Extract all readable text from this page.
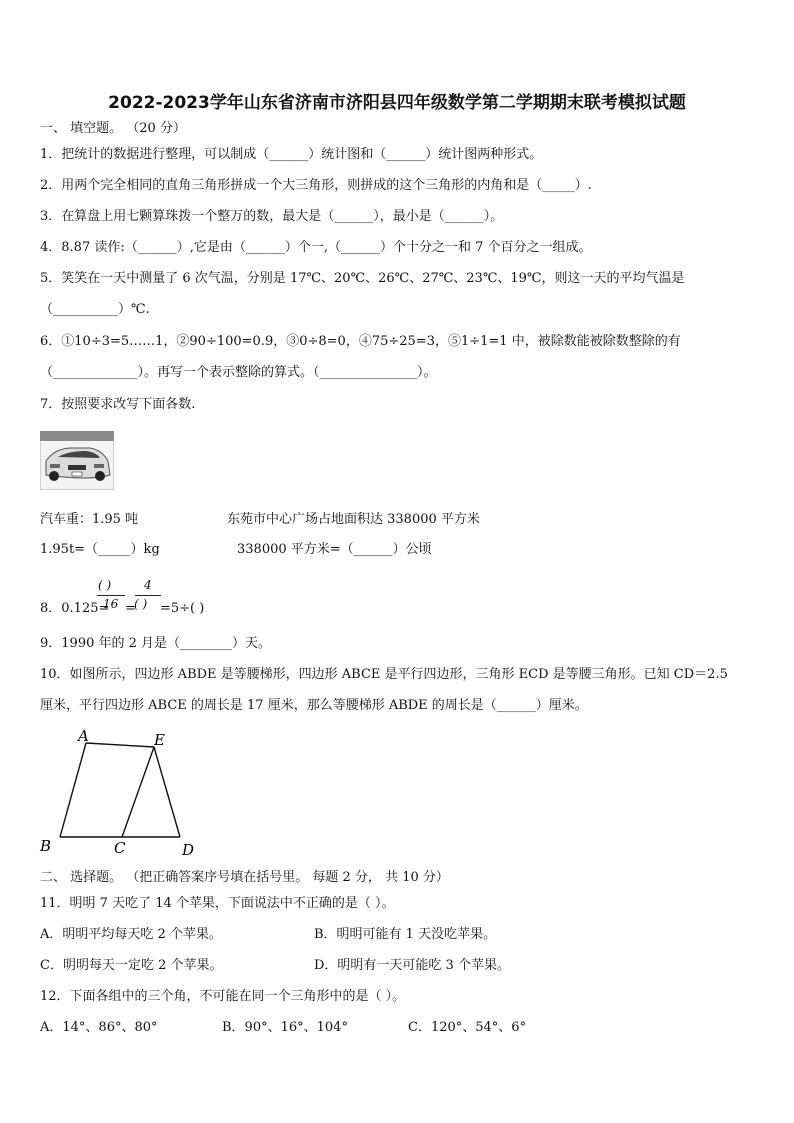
2022-2023学年山东省济南市济阳县四年级数学第二学期期末联考模拟试题
一、 填空题。 （20 分）
1．把统计的数据进行整理，可以制成（______）统计图和（______）统计图两种形式。
2．用两个完全相同的直角三角形拼成一个大三角形，则拼成的这个三角形的内角和是（_____）.
3．在算盘上用七颗算珠拨一个整万的数，最大是（______），最小是（______）。
4．8.87 读作:（______）,它是由（______）个一,（______）个十分之一和 7 个百分之一组成。
5．笑笑在一天中测量了 6 次气温，分别是 17℃、20℃、26℃、27℃、23℃、19℃，则这一天的平均气温是
（__________）℃.
6．①10÷3=5……1，②90÷100=0.9，③0÷8=0，④75÷25=3，⑤1÷1=1 中，被除数能被除数整除的有
（_____________）。再写一个表示整除的算式。（_______________）。
7．按照要求改写下面各数.
汽车重：1.95 吨	东苑市中心广场占地面积达 338000 平方米
1.95t=（_____）kg	338000 平方米=（______）公顷
8．0.125=
( )
16 =
4
( ) =5÷( )
9．1990 年的 2 月是（________）天。
10．如图所示，四边形 ABDE 是等腰梯形，四边形 ABCE 是平行四边形，三角形 ECD 是等腰三角形。已知 CD＝2.5
厘米，平行四边形 ABCE 的周长是 17 厘米，那么等腰梯形 ABDE 的周长是（______）厘米。
A	E
B	C	D
二、 选择题。 （把正确答案序号填在括号里。 每题 2 分， 共 10 分）
11．明明 7 天吃了 14 个苹果，下面说法中不正确的是（ ）。
A．明明平均每天吃 2 个苹果。	B．明明可能有 1 天没吃苹果。
C．明明每天一定吃 2 个苹果。	D．明明有一天可能吃 3 个苹果。
12．下面各组中的三个角，不可能在同一个三角形中的是（ ）。
A．14°、86°、80°	B．90°、16°、104°	C．120°、54°、6°
